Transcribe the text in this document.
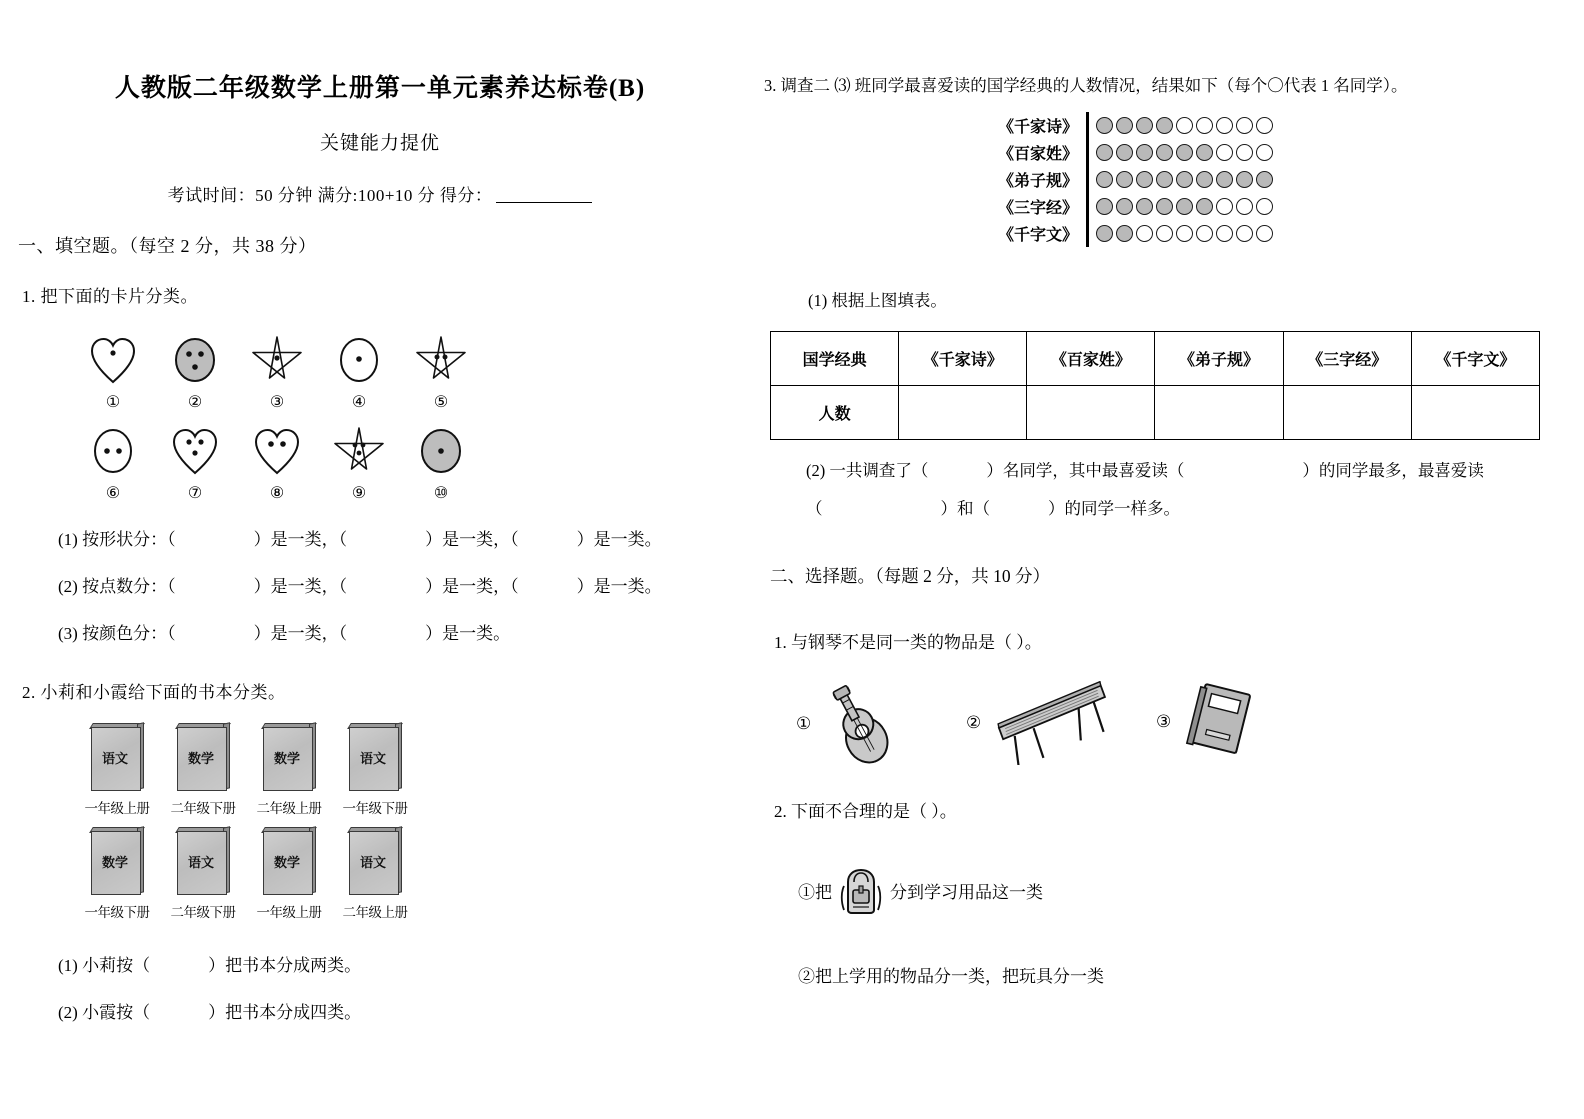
人教版二年级数学上册第一单元素养达标卷(B)
关键能力提优
考试时间：50 分钟 满分:100+10 分 得分：
一、填空题。（每空 2 分，共 38 分）
1. 把下面的卡片分类。
①	②	③	④	⑤
⑥	⑦	⑧	⑨	⑩
(1) 按形状分：（	）是一类，（	）是一类，（	）是一类。
(2) 按点数分：（	）是一类，（	）是一类，（	）是一类。
(3) 按颜色分：（	）是一类，（	）是一类。
2. 小莉和小霞给下面的书本分类。
语文
一年级上册
数学
二年级下册
数学
二年级上册
语文
一年级下册
数学
一年级下册
语文
二年级下册
数学
一年级上册
语文
二年级上册
(1) 小莉按（	）把书本分成两类。
(2) 小霞按（	）把书本分成四类。
3. 调查二 ⑶ 班同学最喜爱读的国学经典的人数情况，结果如下（每个〇代表 1 名同学）。
《千家诗》
《百家姓》
《弟子规》
《三字经》
《千字文》
(1) 根据上图填表。
国学经典	《千家诗》	《百家姓》	《弟子规》	《三字经》	《千字文》
人数					
(2) 一共调查了（	）名同学，其中最喜爱读（	）的同学最多，最喜爱读
（	）和（	）的同学一样多。
二、选择题。（每题 2 分，共 10 分）
1. 与钢琴不是同一类的物品是（ ）。
①	②	③
2. 下面不合理的是（ ）。
①把	分到学习用品这一类
②把上学用的物品分一类，把玩具分一类
